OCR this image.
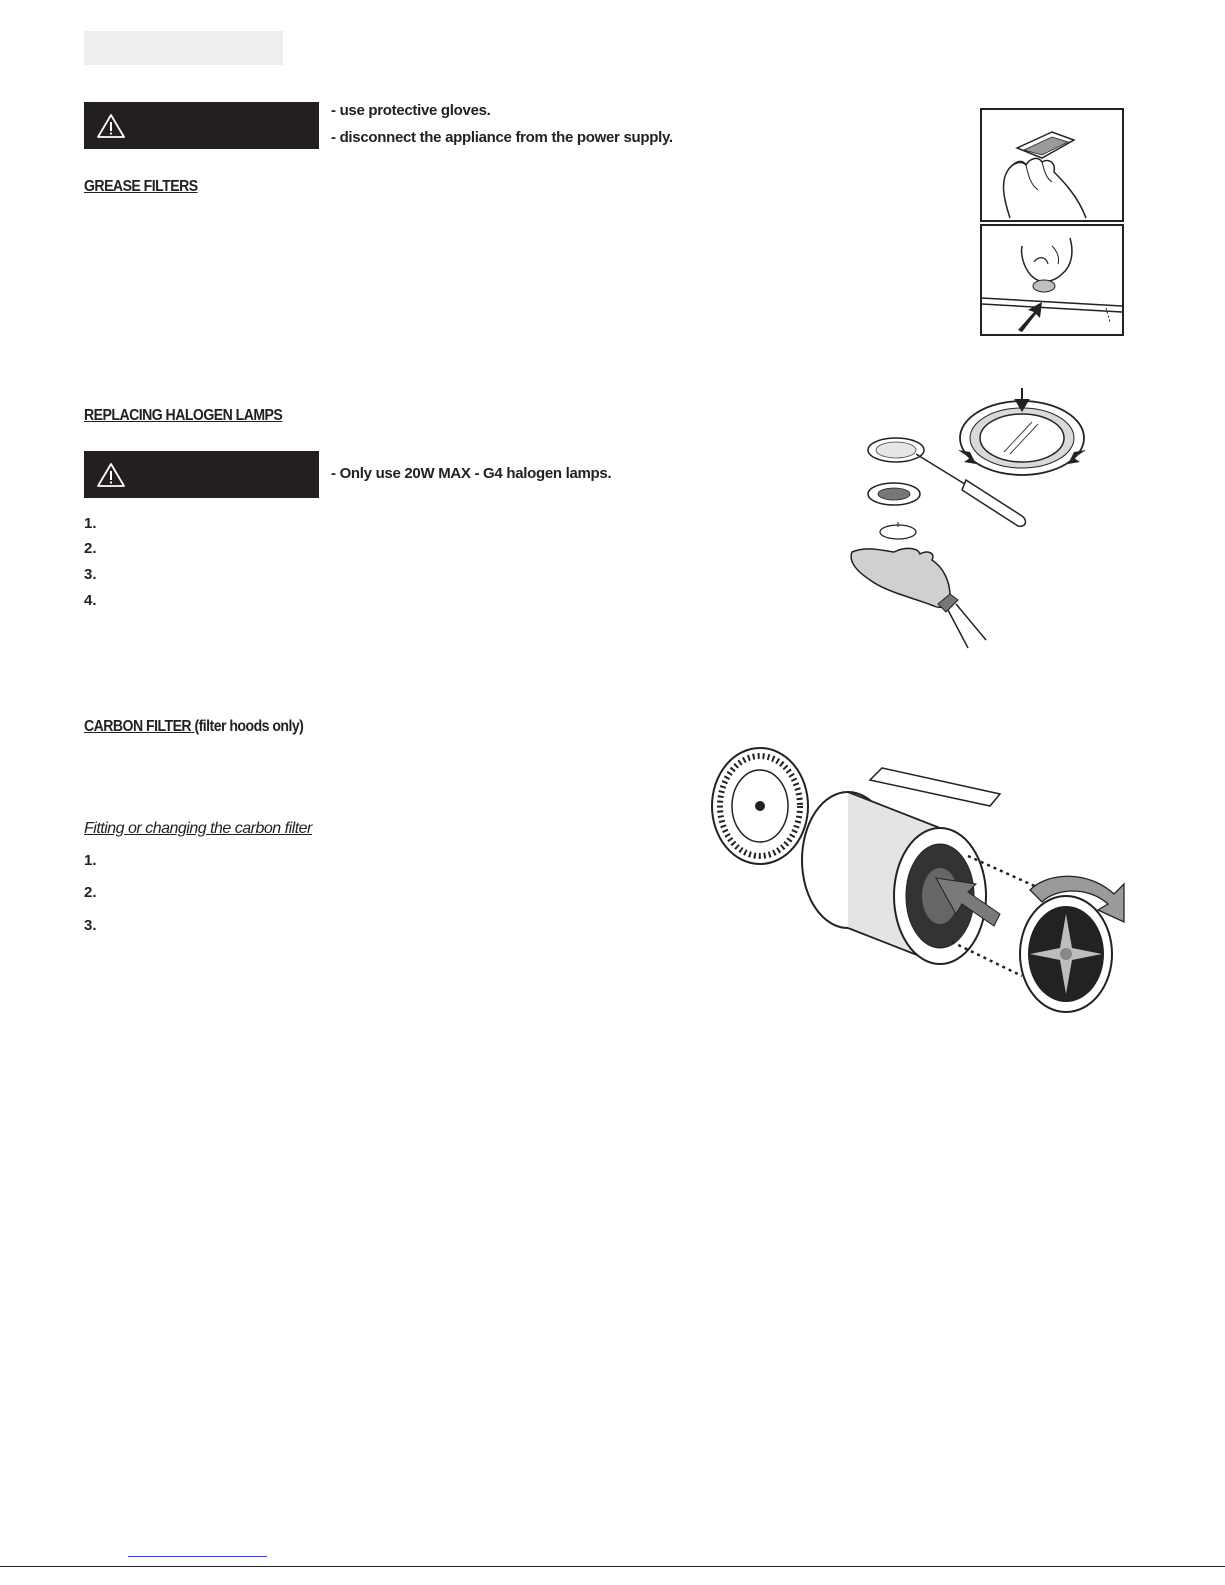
- use protective gloves.
- disconnect the appliance from the power supply.
GREASE FILTERS
REPLACING HALOGEN LAMPS
- Only use 20W MAX - G4 halogen lamps.
1.
2.
3.
4.
CARBON FILTER (filter hoods only)
Fitting or changing the carbon filter
1.
2.
3.
